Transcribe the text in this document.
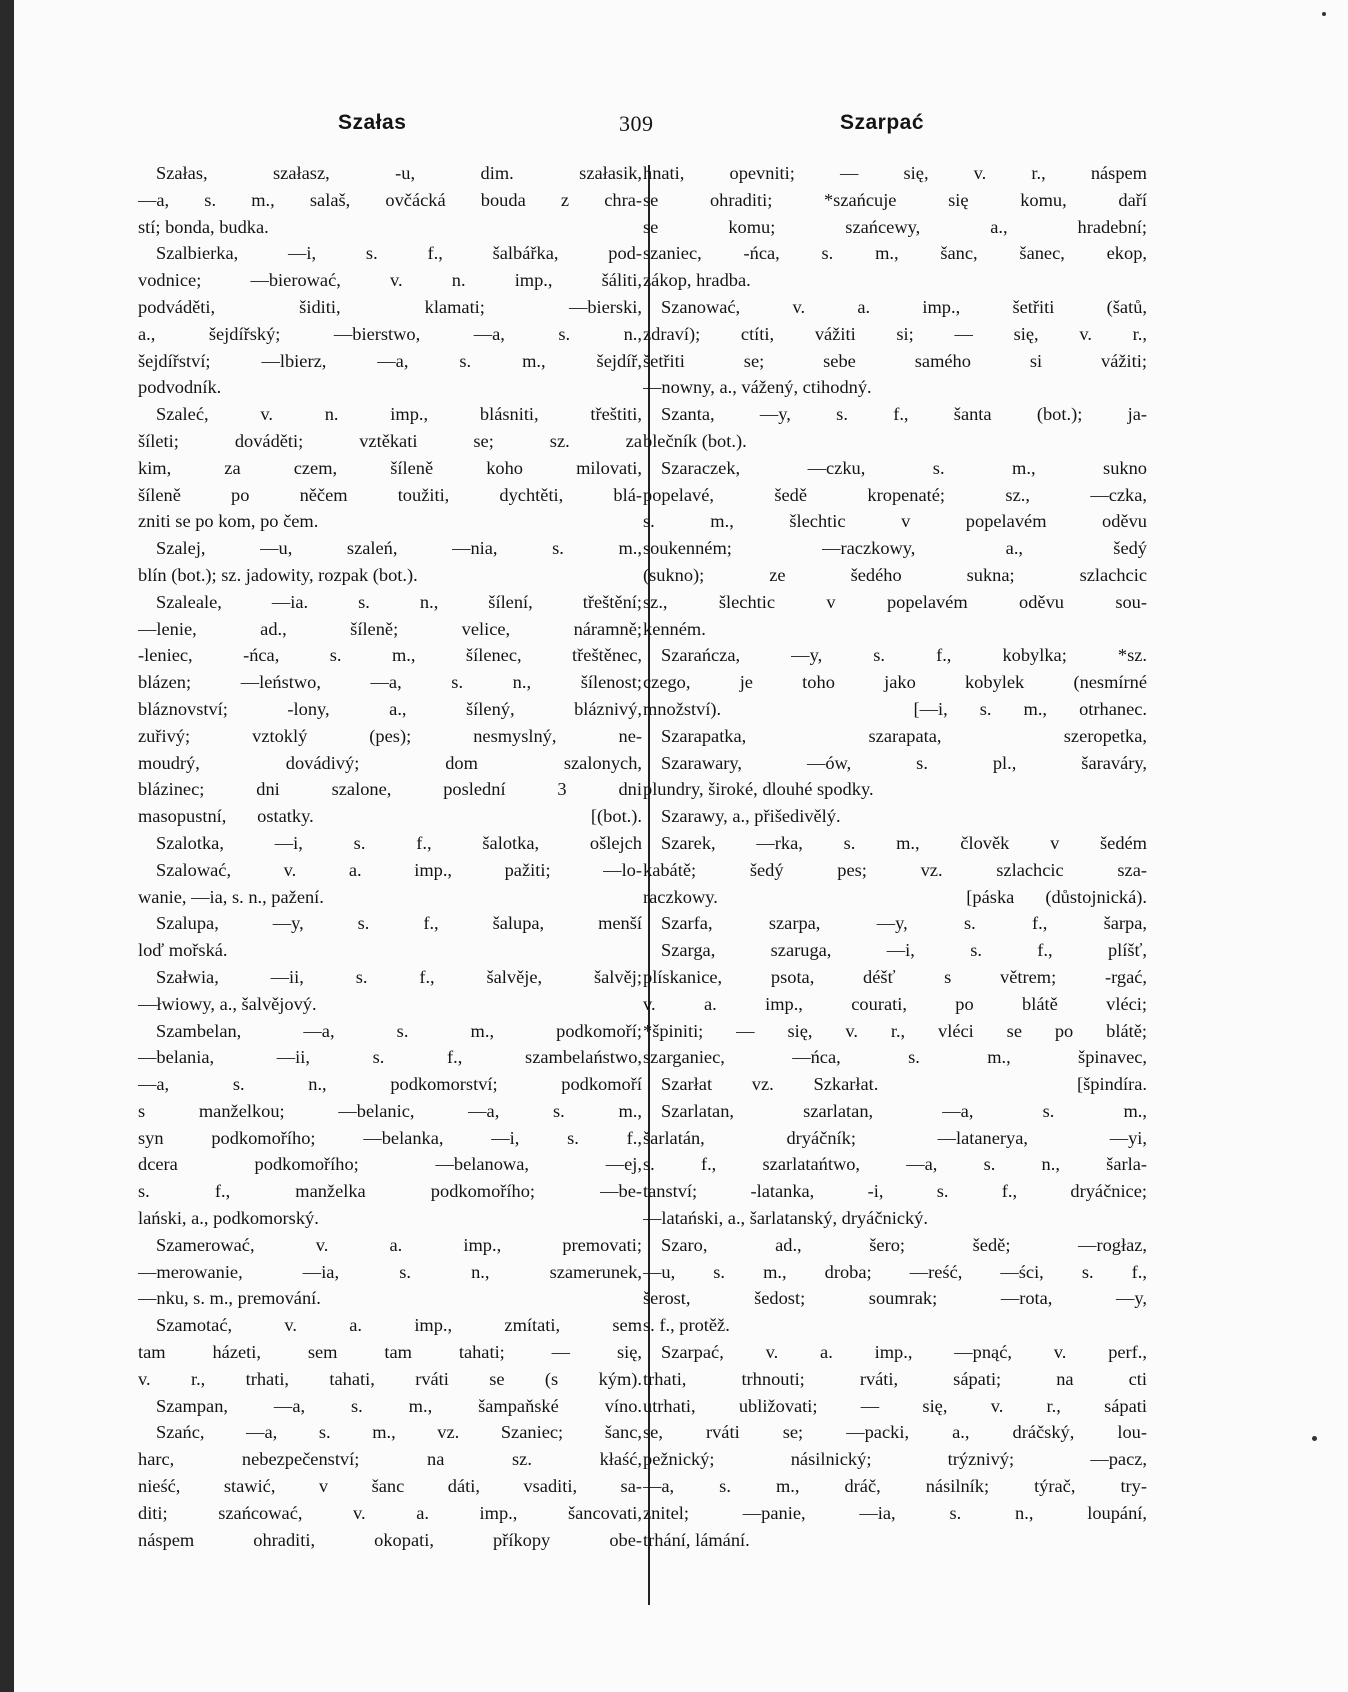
Szałas	309	Szarpać
Szałas, szałasz, -u, dim. szałasik,
—a, s. m., salaš, ovčácká bouda z chra-
stí; bonda, budka.
Szalbierka, —i, s. f., šalbářka, pod-
vodnice; —bierować, v. n. imp., šáliti,
podváděti, šiditi, klamati; —bierski,
a., šejdířský; —bierstwo, —a, s. n.,
šejdířství; —lbierz, —a, s. m., šejdíř,
podvodník.
Szaleć, v. n. imp., blásniti, třeštiti,
šíleti; dováděti; vztěkati se; sz. za
kim, za czem, šíleně koho milovati,
šíleně po něčem toužiti, dychtěti, blá-
zniti se po kom, po čem.
Szalej, —u, szaleń, —nia, s. m.,
blín (bot.); sz. jadowity, rozpak (bot.).
Szaleale, —ia. s. n., šílení, třeštění;
—lenie, ad., šíleně; velice, náramně;
-leniec, -ńca, s. m., šílenec, třeštěnec,
blázen; —leństwo, —a, s. n., šílenost;
bláznovství; -lony, a., šílený, bláznivý,
zuřivý; vztoklý (pes); nesmyslný, ne-
moudrý, dovádivý; dom szalonych,
blázinec; dni szalone, poslední 3 dni
masopustní, ostatky.         [(bot.).
Szalotka, —i, s. f., šalotka, ošlejch
Szalować, v. a. imp., pažiti; —lo-
wanie, —ia, s. n., pažení.
Szalupa, —y, s. f., šalupa, menší
loď mořská.
Szałwia, —ii, s. f., šalvěje, šalvěj;
—łwiowy, a., šalvějový.
Szambelan, —a, s. m., podkomoří;
—belania, —ii, s. f., szambelaństwo,
—a, s. n., podkomorství; podkomoří
s manželkou; —belanic, —a, s. m.,
syn podkomořího; —belanka, —i, s. f.,
dcera podkomořího; —belanowa, —ej,
s. f., manželka podkomořího; —be-
lański, a., podkomorský.
Szamerować, v. a. imp., premovati;
—merowanie, —ia, s. n., szamerunek,
—nku, s. m., premování.
Szamotać, v. a. imp., zmítati, sem
tam házeti, sem tam tahati; — się,
v. r., trhati, tahati, rváti se (s kým).
Szampan, —a, s. m., šampaňské víno.
Szańc, —a, s. m., vz. Szaniec; šanc,
harc, nebezpečenství; na sz. kłaść,
nieść, stawić, v šanc dáti, vsaditi, sa-
diti; szańcować, v. a. imp., šancovati,
náspem ohraditi, okopati, příkopy obe-
hnati, opevniti; — się, v. r., náspem
se ohraditi; *szańcuje się komu, daří
se komu; szańcewy, a., hradební;
szaniec, -ńca, s. m., šanc, šanec, ekop,
zákop, hradba.
Szanować, v. a. imp., šetřiti (šatů,
zdraví); ctíti, vážiti si; — się, v. r.,
šetřiti se; sebe samého si vážiti;
—nowny, a., vážený, ctihodný.
Szanta, —y, s. f., šanta (bot.); ja-
blečník (bot.).
Szaraczek, —czku, s. m., sukno
popelavé, šedě kropenaté; sz., —czka,
s. m., šlechtic v popelavém oděvu
soukenném; —raczkowy, a., šedý
(sukno); ze šedého sukna; szlachcic
sz., šlechtic v popelavém oděvu sou-
kenném.
Szarańcza, —y, s. f., kobylka; *sz.
czego, je toho jako kobylek (nesmírné
množství).      [—i, s. m., otrhanec.
Szarapatka, szarapata, szeropetka,
Szarawary, —ów, s. pl., šaraváry,
plundry, široké, dlouhé spodky.
Szarawy, a., přišedivělý.
Szarek, —rka, s. m., člověk v šedém
kabátě; šedý pes; vz. szlachcic sza-
raczkowy.        [páska (důstojnická).
Szarfa, szarpa, —y, s. f., šarpa,
Szarga, szaruga, —i, s. f., plíšť,
plískanice, psota, déšť s větrem; -rgać,
v. a. imp., courati, po blátě vléci;
*špiniti; — się, v. r., vléci se po blátě;
szarganiec, —ńca, s. m., špinavec,
Szarłat vz. Szkarłat.     [špindíra.
Szarlatan, szarlatan, —a, s. m.,
šarlatán, dryáčník; —latanerya, —yi,
s. f., szarlatańtwo, —a, s. n., šarla-
tanství; -latanka, -i, s. f., dryáčnice;
—latański, a., šarlatanský, dryáčnický.
Szaro, ad., šero; šedě; —rogłaz,
—u, s. m., droba; —reść, —ści, s. f.,
šerost, šedost; soumrak; —rota, —y,
s. f., protěž.
Szarpać, v. a. imp., —pnąć, v. perf.,
trhati, trhnouti; rváti, sápati; na cti
utrhati, ubližovati; — się, v. r., sápati
se, rváti se; —packi, a., dráčský, lou-
pežnický; násilnický; trýznivý; —pacz,
—a, s. m., dráč, násilník; týrač, try-
znitel; —panie, —ia, s. n., loupání,
trhání, lámání.
